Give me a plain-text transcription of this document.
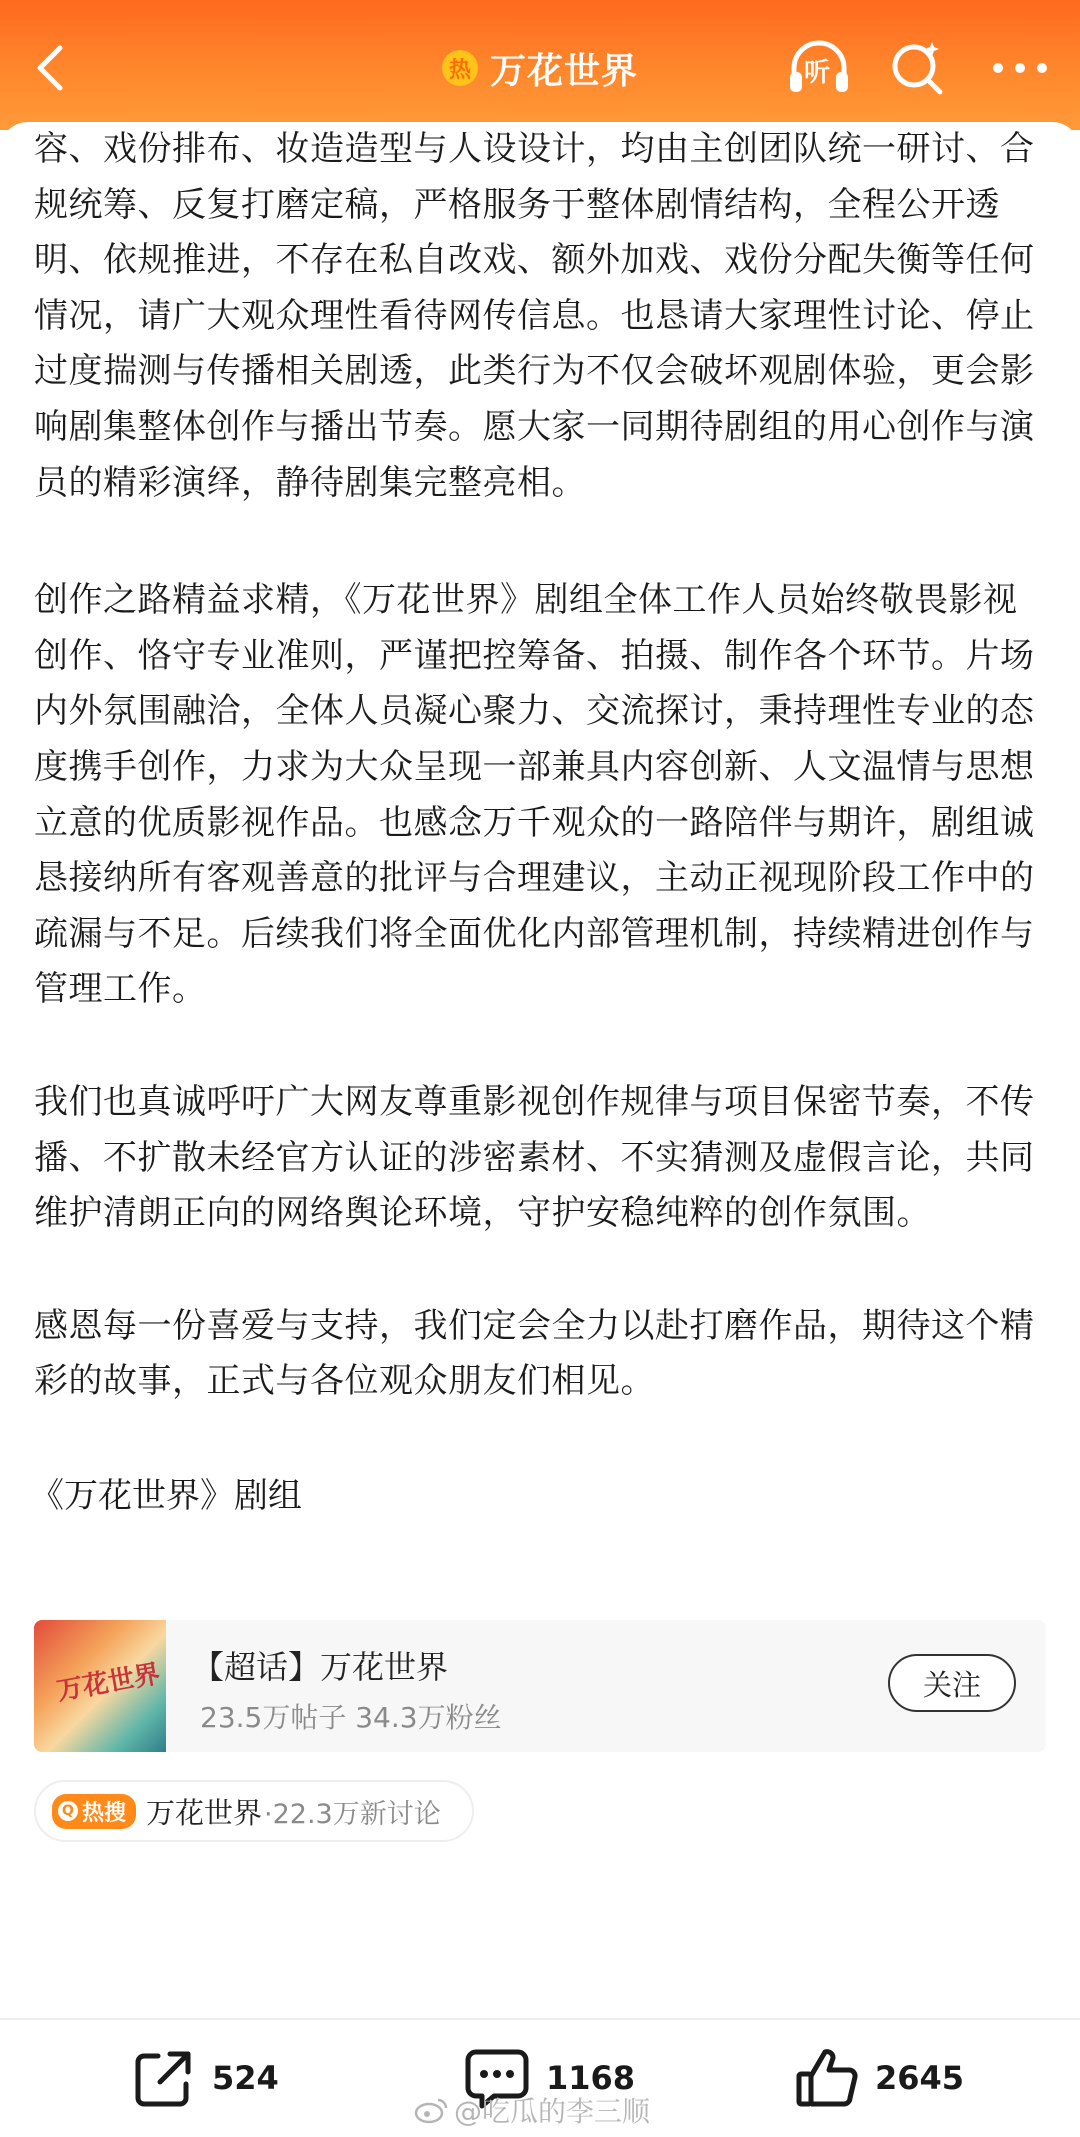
热 万花世界	听

容、戏份排布、妆造造型与人设设计，均由主创团队统一研讨、合规统筹、反复打磨定稿，严格服务于整体剧情结构，全程公开透明、依规推进，不存在私自改戏、额外加戏、戏份分配失衡等任何情况，请广大观众理性看待网传信息。也恳请大家理性讨论、停止过度揣测与传播相关剧透，此类行为不仅会破坏观剧体验，更会影响剧集整体创作与播出节奏。愿大家一同期待剧组的用心创作与演员的精彩演绎，静待剧集完整亮相。

创作之路精益求精，《万花世界》剧组全体工作人员始终敬畏影视创作、恪守专业准则，严谨把控筹备、拍摄、制作各个环节。片场内外氛围融洽，全体人员凝心聚力、交流探讨，秉持理性专业的态度携手创作，力求为大众呈现一部兼具内容创新、人文温情与思想立意的优质影视作品。也感念万千观众的一路陪伴与期许，剧组诚恳接纳所有客观善意的批评与合理建议，主动正视现阶段工作中的疏漏与不足。后续我们将全面优化内部管理机制，持续精进创作与管理工作。

我们也真诚呼吁广大网友尊重影视创作规律与项目保密节奏，不传播、不扩散未经官方认证的涉密素材、不实猜测及虚假言论，共同维护清朗正向的网络舆论环境，守护安稳纯粹的创作氛围。

感恩每一份喜爱与支持，我们定会全力以赴打磨作品，期待这个精彩的故事，正式与各位观众朋友们相见。

《万花世界》剧组

万花世界 【超话】万花世界
23.5万帖子 34.3万粉丝
关注
Q 热搜 万花世界 ·22.3万新讨论
524	1168	2645
@吃瓜的李三顺
